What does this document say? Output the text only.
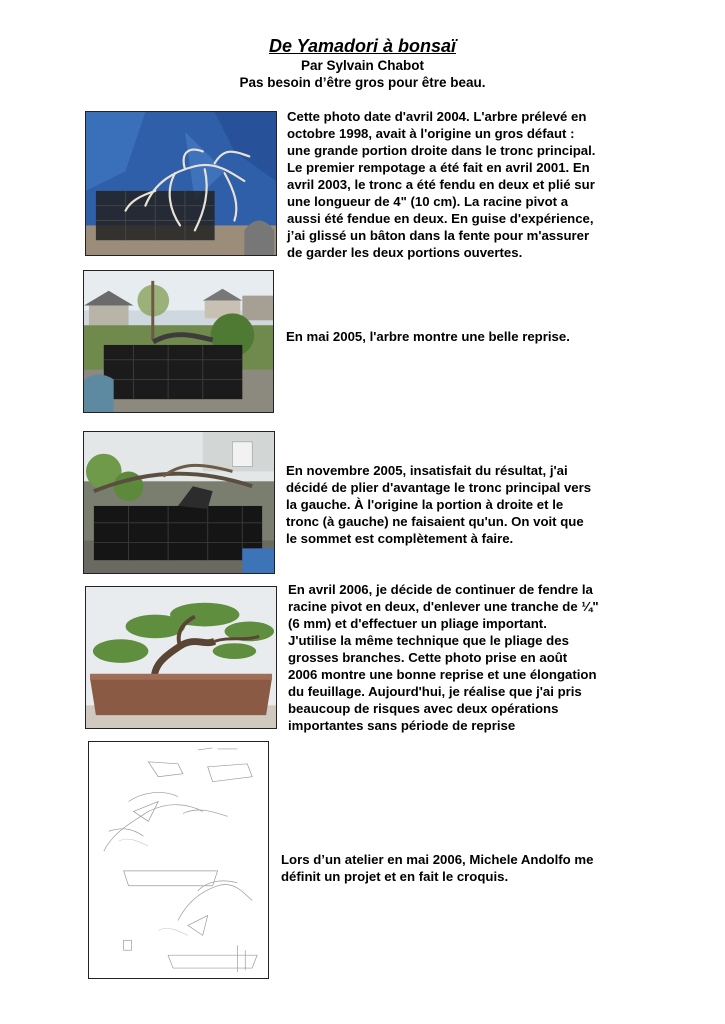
De Yamadori à bonsaï
Par Sylvain Chabot
Pas besoin d’être gros pour être beau.
Cette photo date d'avril 2004. L'arbre prélevé en
octobre 1998, avait à l'origine un gros défaut :
une grande portion droite dans le tronc principal.
Le premier rempotage a été fait en avril 2001. En
avril 2003, le tronc a été fendu en deux et plié sur
une longueur de 4" (10 cm). La racine pivot a
aussi été fendue en deux. En guise d'expérience,
j’ai glissé un bâton dans la fente pour m'assurer
de garder les deux portions ouvertes.
En mai 2005, l'arbre montre une belle reprise.
En novembre 2005, insatisfait du résultat, j'ai
décidé de plier d'avantage le tronc principal vers
la gauche. À l'origine la portion à droite et le
tronc (à gauche) ne faisaient qu'un. On voit que
le sommet est complètement à faire.
En avril 2006, je décide de continuer de fendre la
racine pivot en deux, d'enlever une tranche de ¼"
(6 mm) et d'effectuer un pliage important.
J'utilise la même technique que le pliage des
grosses branches. Cette photo prise en août
2006 montre une bonne reprise et une élongation
du feuillage. Aujourd'hui, je réalise que j'ai pris
beaucoup de risques avec deux opérations
importantes sans période de reprise
Lors d’un atelier en mai 2006, Michele Andolfo me
définit un projet et en fait le croquis.
